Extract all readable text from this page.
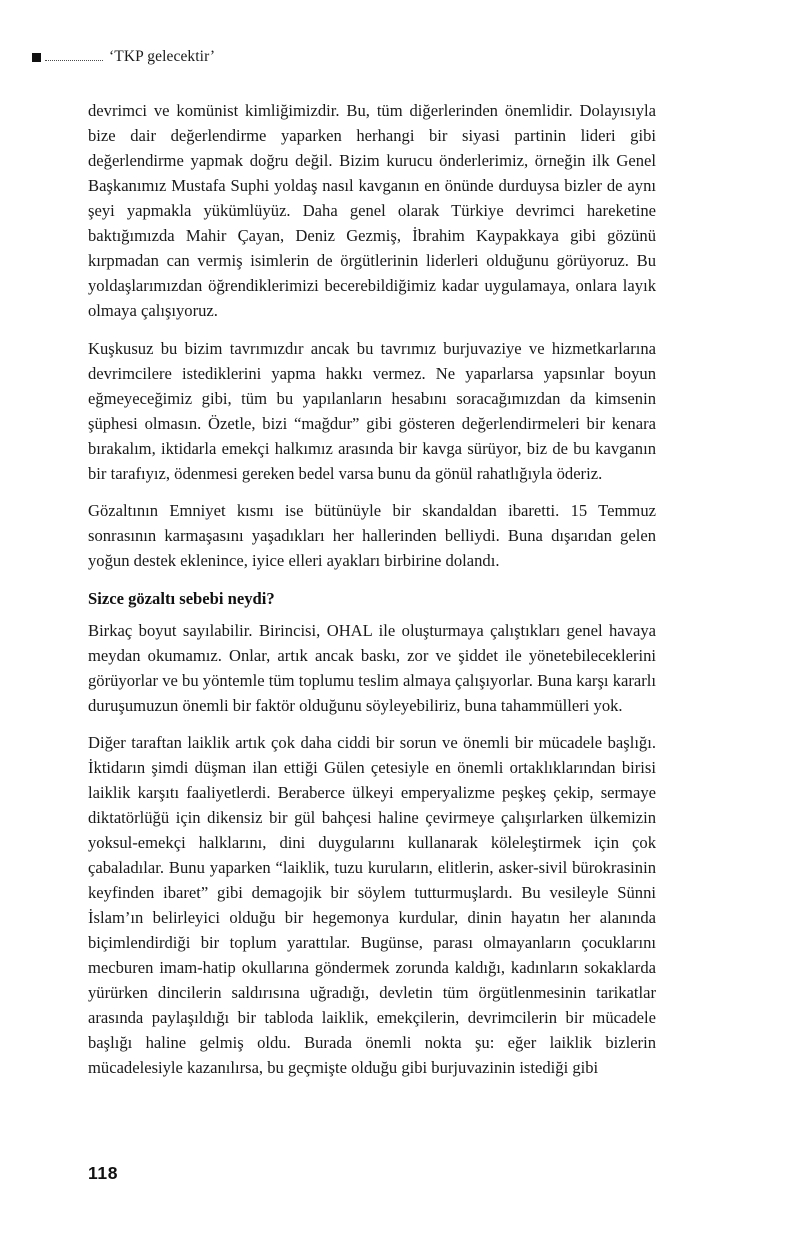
‘TKP gelecektir’

devrimci ve komünist kimliğimizdir. Bu, tüm diğerlerinden önemlidir. Dolayısıyla bize dair değerlendirme yaparken herhangi bir siyasi partinin lideri gibi değerlendirme yapmak doğru değil. Bizim kurucu önderlerimiz, örneğin ilk Genel Başkanımız Mustafa Suphi yoldaş nasıl kavganın en önünde durduysa bizler de aynı şeyi yapmakla yükümlüyüz. Daha genel olarak Türkiye devrimci hareketine baktığımızda Mahir Çayan, Deniz Gezmiş, İbrahim Kaypakkaya gibi gözünü kırpmadan can vermiş isimlerin de örgütlerinin liderleri olduğunu görüyoruz. Bu yoldaşlarımızdan öğrendiklerimizi becerebildiğimiz kadar uygulamaya, onlara layık olmaya çalışıyoruz.

Kuşkusuz bu bizim tavrımızdır ancak bu tavrımız burjuvaziye ve hizmetkarlarına devrimcilere istediklerini yapma hakkı vermez. Ne yaparlarsa yapsınlar boyun eğmeyeceğimiz gibi, tüm bu yapılanların hesabını soracağımızdan da kimsenin şüphesi olmasın. Özetle, bizi “mağdur” gibi gösteren değerlendirmeleri bir kenara bırakalım, iktidarla emekçi halkımız arasında bir kavga sürüyor, biz de bu kavganın bir tarafıyız, ödenmesi gereken bedel varsa bunu da gönül rahatlığıyla öderiz.

Gözaltının Emniyet kısmı ise bütünüyle bir skandaldan ibaretti. 15 Temmuz sonrasının karmaşasını yaşadıkları her hallerinden belliydi. Buna dışarıdan gelen yoğun destek eklenince, iyice elleri ayakları birbirine dolandı.

Sizce gözaltı sebebi neydi?

Birkaç boyut sayılabilir. Birincisi, OHAL ile oluşturmaya çalıştıkları genel havaya meydan okumamız. Onlar, artık ancak baskı, zor ve şiddet ile yönetebileceklerini görüyorlar ve bu yöntemle tüm toplumu teslim almaya çalışıyorlar. Buna karşı kararlı duruşumuzun önemli bir faktör olduğunu söyleyebiliriz, buna tahammülleri yok.

Diğer taraftan laiklik artık çok daha ciddi bir sorun ve önemli bir mücadele başlığı. İktidarın şimdi düşman ilan ettiği Gülen çetesiyle en önemli ortaklıklarından birisi laiklik karşıtı faaliyetlerdi. Beraberce ülkeyi emperyalizme peşkeş çekip, sermaye diktatörlüğü için dikensiz bir gül bahçesi haline çevirmeye çalışırlarken ülkemizin yoksul-emekçi halklarını, dini duygularını kullanarak köleleştirmek için çok çabaladılar. Bunu yaparken “laiklik, tuzu kuruların, elitlerin, asker-sivil bürokrasinin keyfinden ibaret” gibi demagojik bir söylem tutturmuşlardı. Bu vesileyle Sünni İslam’ın belirleyici olduğu bir hegemonya kurdular, dinin hayatın her alanında biçimlendirdiği bir toplum yarattılar. Bugünse, parası olmayanların çocuklarını mecburen imam-hatip okullarına göndermek zorunda kaldığı, kadınların sokaklarda yürürken dincilerin saldırısına uğradığı, devletin tüm örgütlenmesinin tarikatlar arasında paylaşıldığı bir tabloda laiklik, emekçilerin, devrimcilerin bir mücadele başlığı haline gelmiş oldu. Burada önemli nokta şu: eğer laiklik bizlerin mücadelesiyle kazanılırsa, bu geçmişte olduğu gibi burjuvazinin istediği gibi

118
